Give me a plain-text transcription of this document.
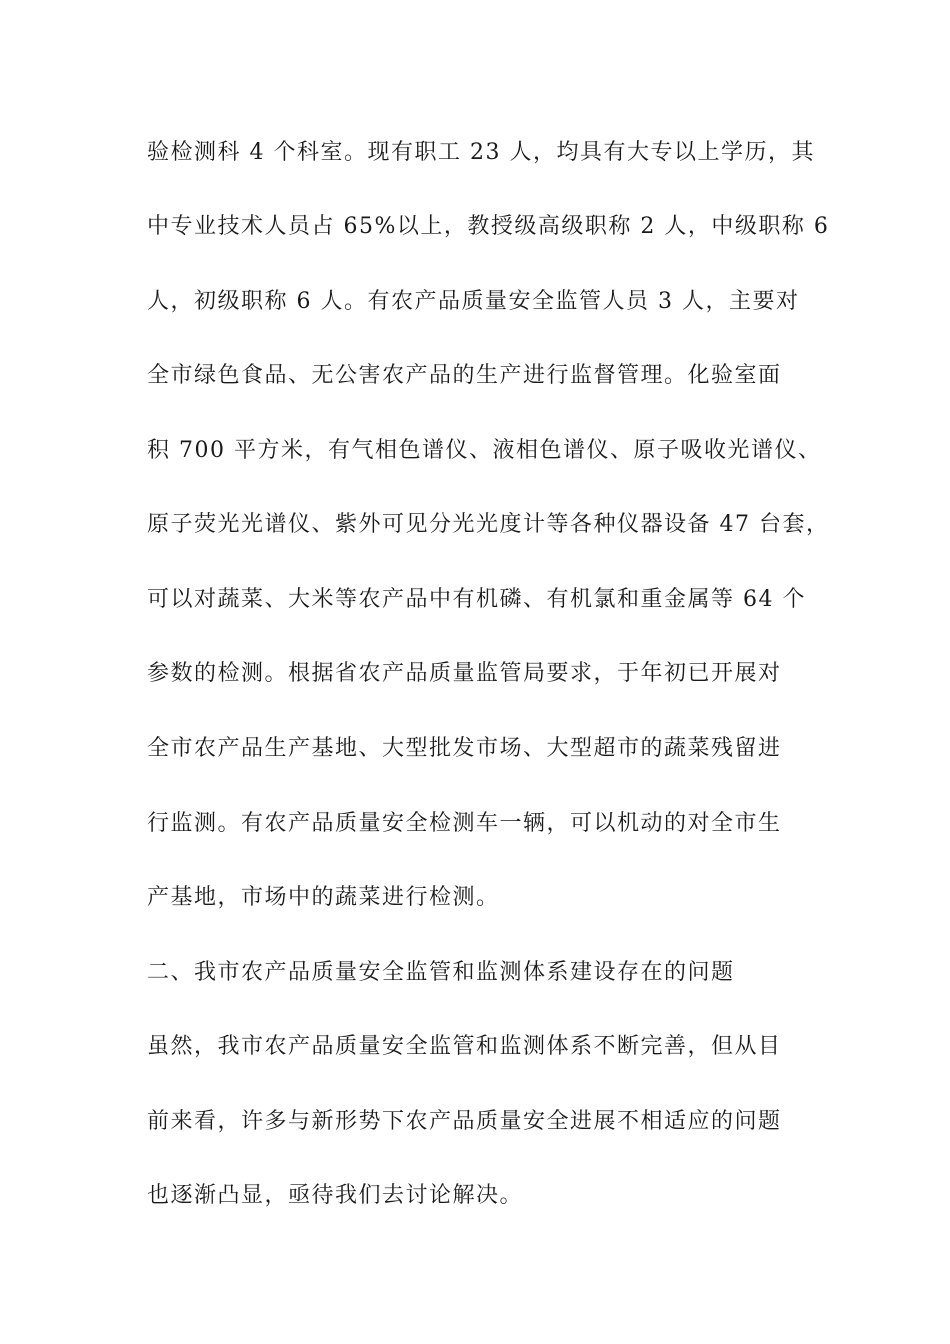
验检测科 4 个科室。现有职工 23 人，均具有大专以上学历，其
中专业技术人员占 65%以上，教授级高级职称 2 人，中级职称 6
人，初级职称 6 人。有农产品质量安全监管人员 3 人，主要对
全市绿色食品、无公害农产品的生产进行监督管理。化验室面
积 700 平方米，有气相色谱仪、液相色谱仪、原子吸收光谱仪、
原子荧光光谱仪、紫外可见分光光度计等各种仪器设备 47 台套，
可以对蔬菜、大米等农产品中有机磷、有机氯和重金属等 64 个
参数的检测。根据省农产品质量监管局要求，于年初已开展对
全市农产品生产基地、大型批发市场、大型超市的蔬菜残留进
行监测。有农产品质量安全检测车一辆，可以机动的对全市生
产基地，市场中的蔬菜进行检测。
二、我市农产品质量安全监管和监测体系建设存在的问题
虽然，我市农产品质量安全监管和监测体系不断完善，但从目
前来看，许多与新形势下农产品质量安全进展不相适应的问题
也逐渐凸显，亟待我们去讨论解决。
